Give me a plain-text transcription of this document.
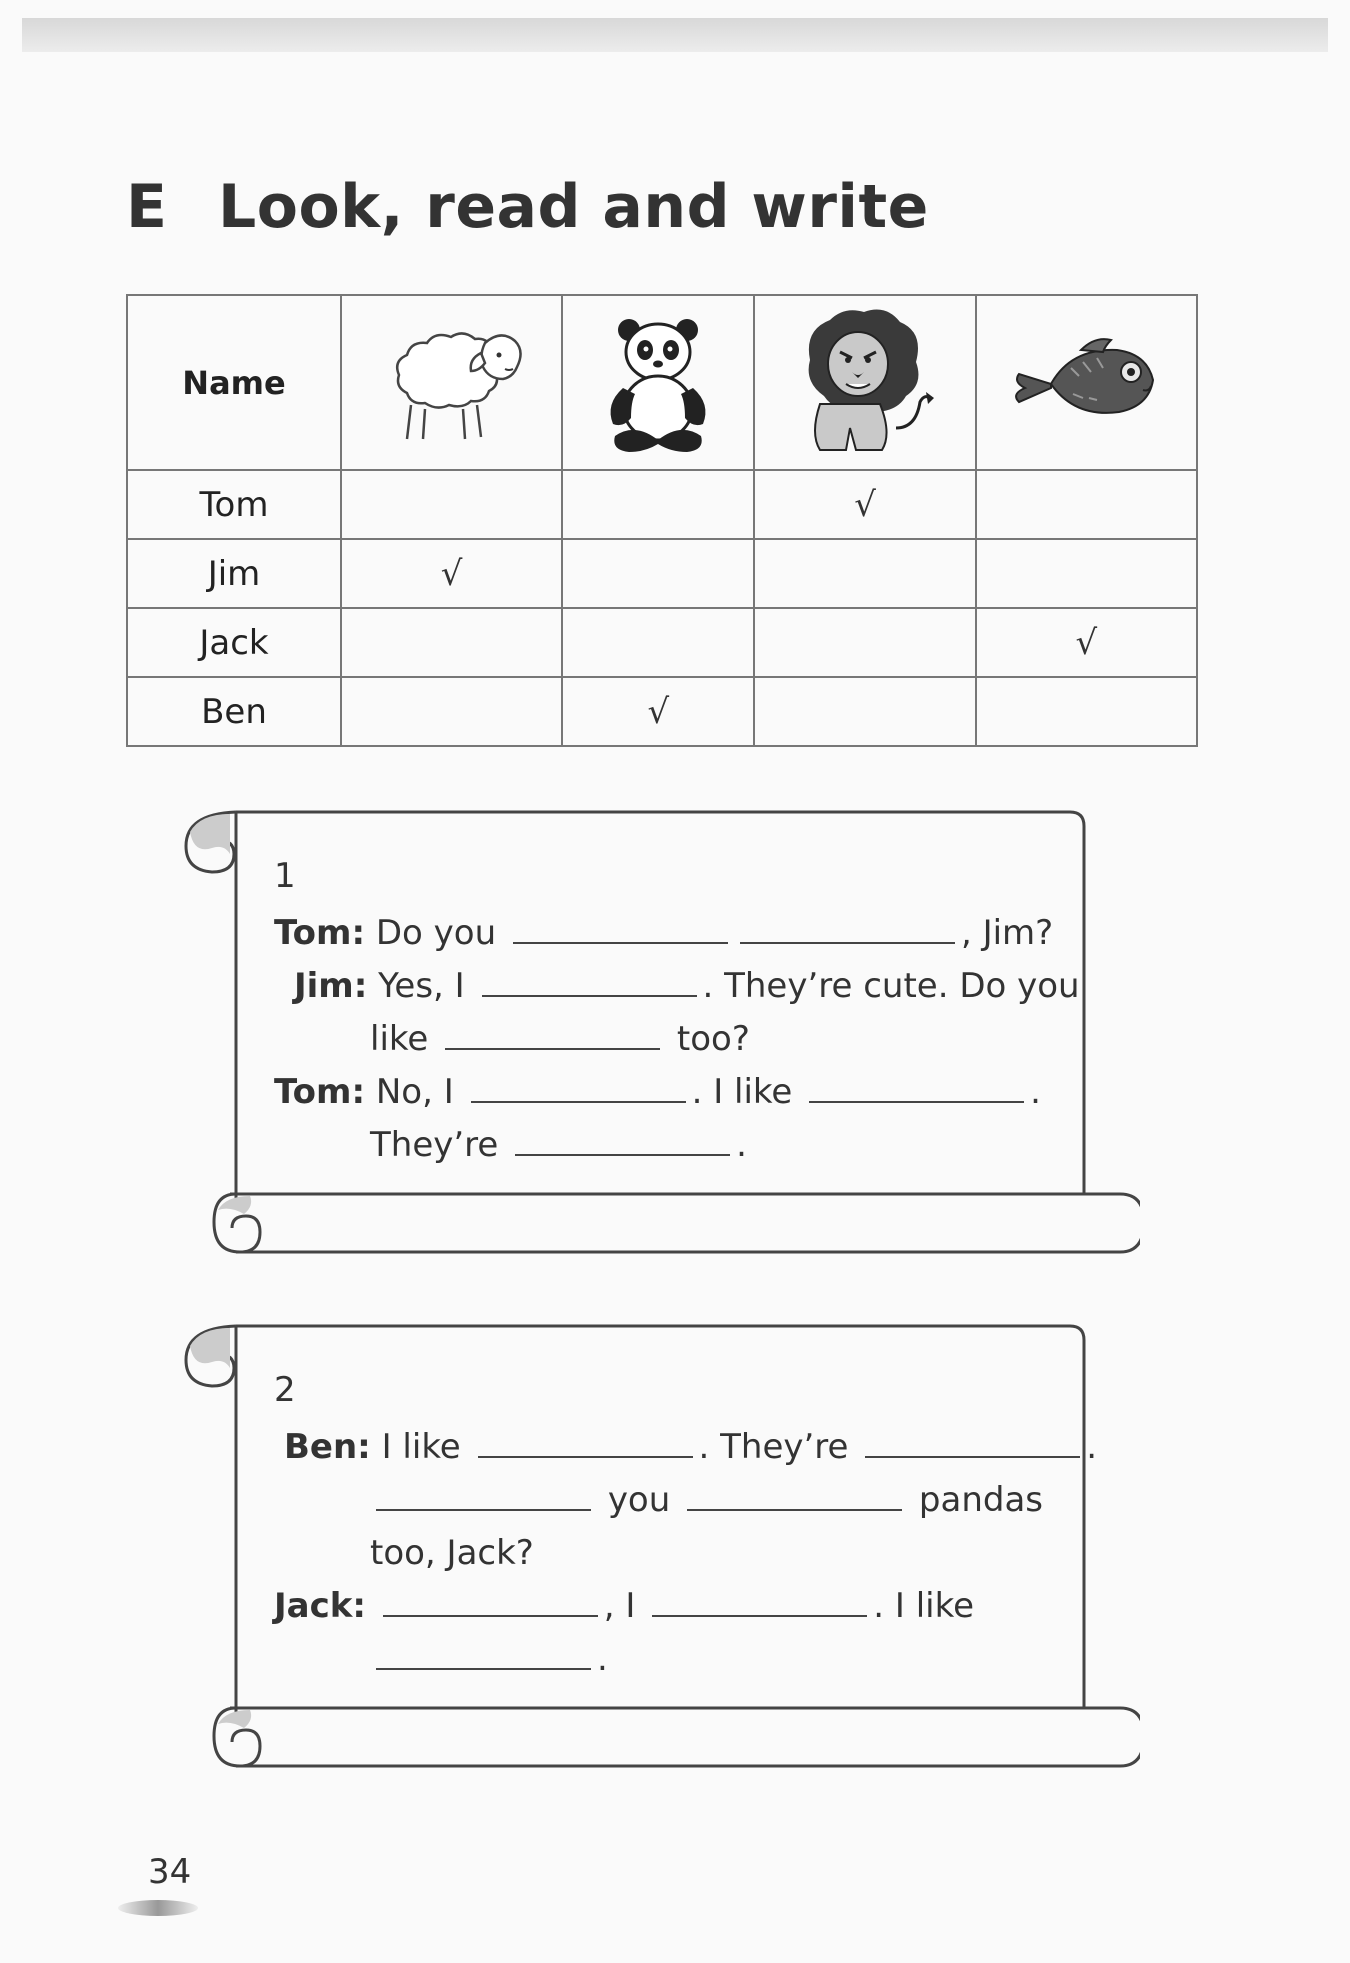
E Look, read and write
Name	

Tom			√	
Jim	√			
Jack				√
Ben		√		
1
Tom: Do you	, Jim?
Jim: Yes, I	. They’re cute. Do you
like	too?
Tom: No, I	. I like	.
They’re	.
2
Ben: I like	. They’re	.
you	pandas
too, Jack?
Jack:	, I	. I like
.
34
